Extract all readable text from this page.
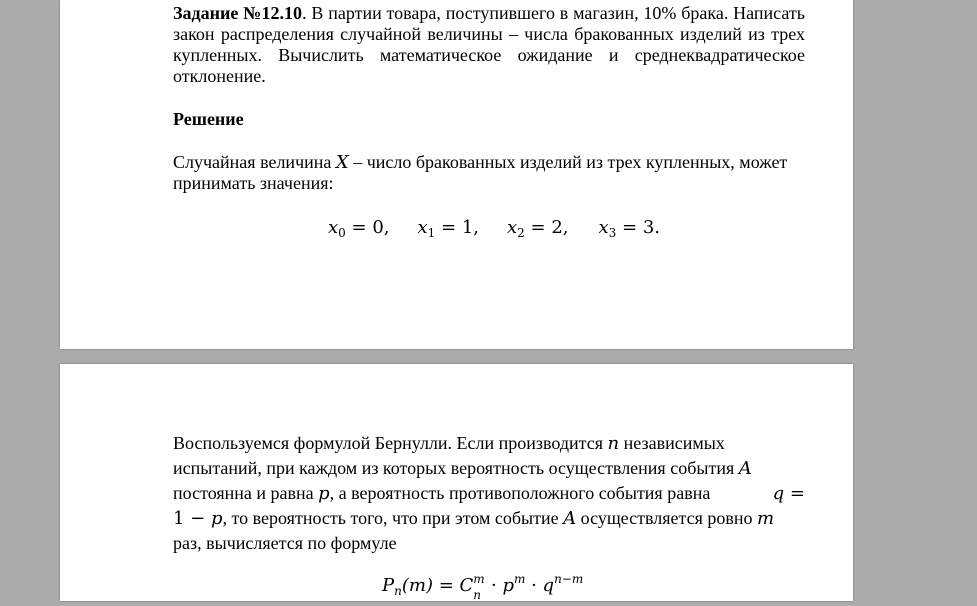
Задание №12.10. В партии товара, поступившего в магазин, 10% брака. Написать закон распределения случайной величины – числа бракованных изделий из трех купленных. Вычислить математическое ожидание и среднеквадратическое отклонение.
Решение
Случайная величина X – число бракованных изделий из трех купленных, может
принимать значения:
$x_0 = 0$, $x_1 = 1$, $x_2 = 2$, $x_3 = 3$.
Воспользуемся формулой Бернулли. Если производится n независимых
испытаний, при каждом из которых вероятность осуществления события A
постоянна и равна p, а вероятность противоположного события равна	q =
1 − p, то вероятность того, что при этом событие A осуществляется ровно m
раз, вычисляется по формуле
$P_n(m) = C$ m
$n \cdot p^m \cdot q^{n-m}$
